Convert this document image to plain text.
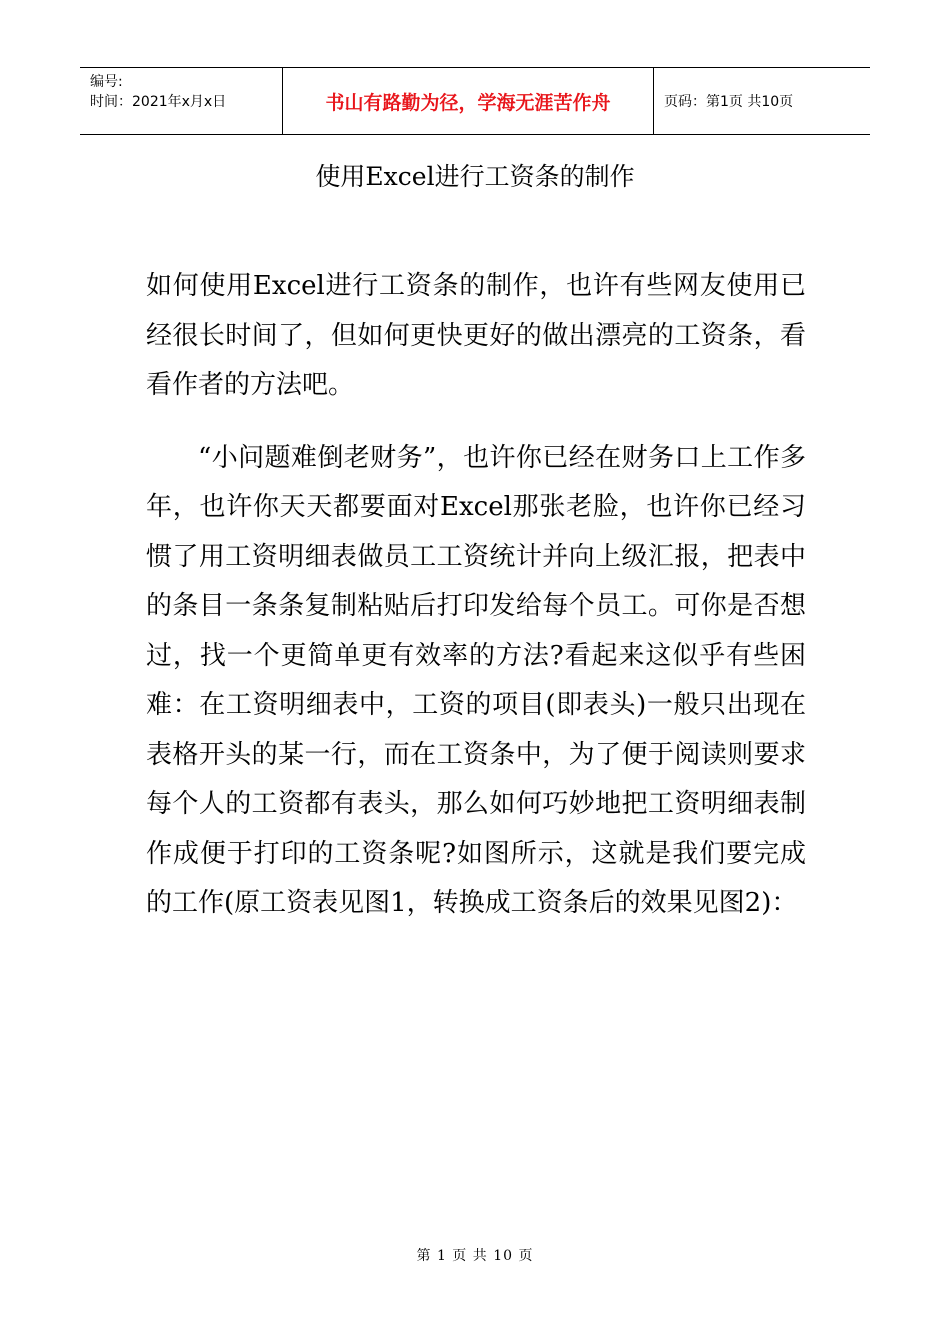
编号:
时间：2021年x月x日	书山有路勤为径，学海无涯苦作舟	页码：第1页 共10页
使用Excel进行工资条的制作

如何使用Excel进行工资条的制作，也许有些网友使用已经很长时间了，但如何更快更好的做出漂亮的工资条，看看作者的方法吧。

“小问题难倒老财务”，也许你已经在财务口上工作多年，也许你天天都要面对Excel那张老脸，也许你已经习惯了用工资明细表做员工工资统计并向上级汇报，把表中的条目一条条复制粘贴后打印发给每个员工。可你是否想过，找一个更简单更有效率的方法?看起来这似乎有些困难：在工资明细表中，工资的项目(即表头)一般只出现在表格开头的某一行，而在工资条中，为了便于阅读则要求每个人的工资都有表头，那么如何巧妙地把工资明细表制作成便于打印的工资条呢?如图所示，这就是我们要完成的工作(原工资表见图1，转换成工资条后的效果见图2)：

第 1 页 共 10 页
